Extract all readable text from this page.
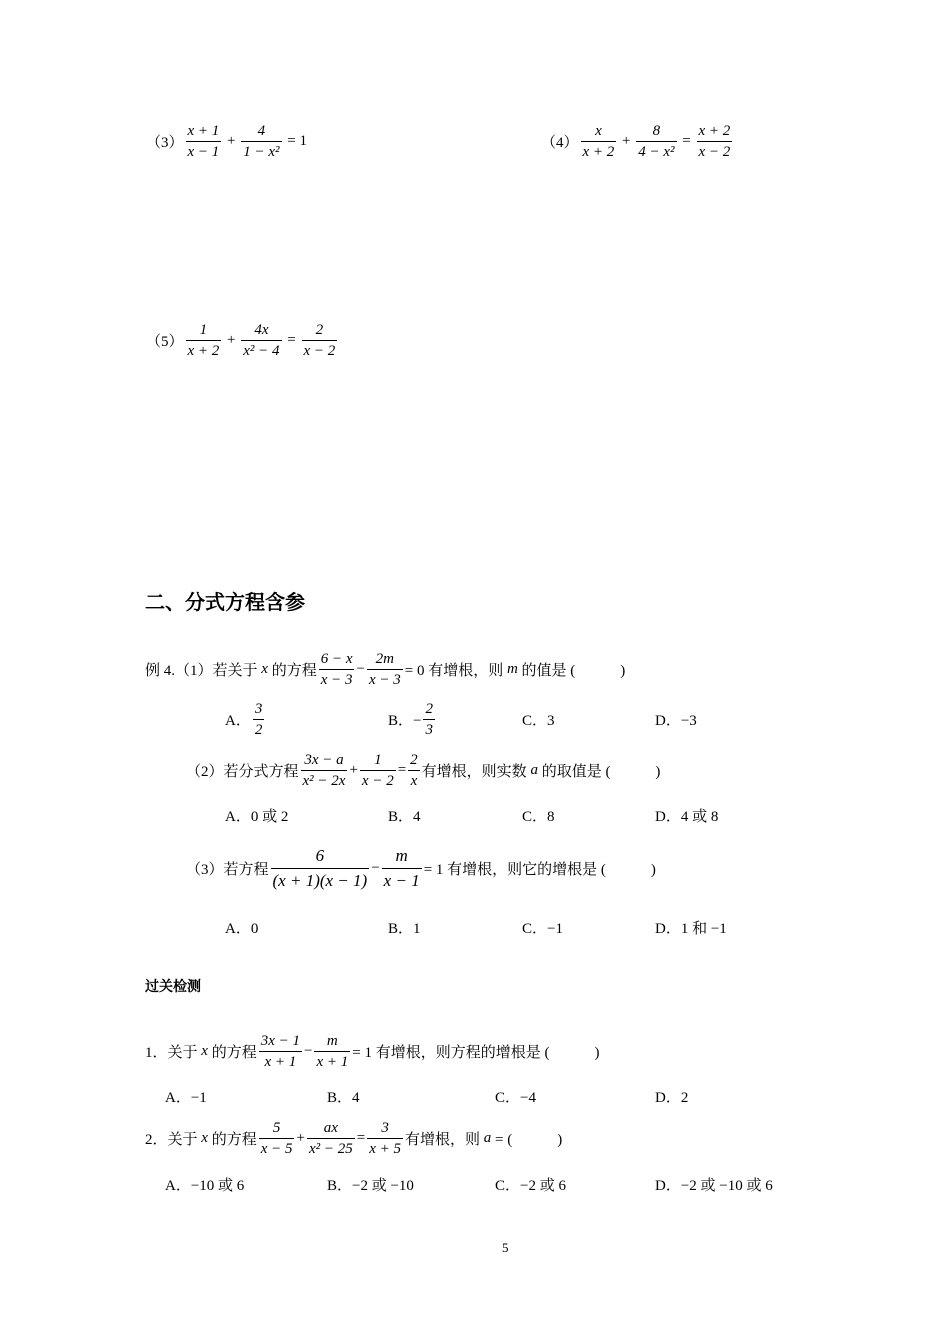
$(3) \frac{x + 1}{x - 1} + \frac{4}{\text{1 − x²}} = 1$	$(4) \frac{x}{x + 2} + \frac{8}{\text{4 − x²}} = \frac{x + 2}{x - 2}$
$(5) \frac{1}{x + 2} + \frac{4x}{\text{x² − 4}} = \frac{2}{x - 2}$
二、分式方程含参
例 4.（1）若关于 x 的方程 $\frac{6 - x}{x - 3} - \frac{2m}{x - 3} = 0$ 有增根，则 m 的值是 (　　　)
A． $\frac{3}{2}$	B．− $\frac{2}{3}$	C．3	D．−3
（2）若分式方程 $\frac{3x - a}{\text{x² − 2x}} + \frac{1}{x - 2} = \frac{2}{x}$ 有增根，则实数 a 的取值是 (　　　)
A．0 或 2	B．4	C．8	D．4 或 8
（3）若方程 $\frac{6}{(x + 1)(x - 1)} - \frac{m}{x - 1} = 1$ 有增根，则它的增根是 (　　　)
A．0	B．1	C．−1	D．1 和 −1
过关检测
1．关于 x 的方程 $\frac{3x - 1}{x + 1} - \frac{m}{x + 1} = 1$ 有增根，则方程的增根是 (　　　)
A．−1	B．4	C．−4	D．2
2．关于 x 的方程 $\frac{5}{x - 5} + \frac{ax}{\text{x² − 25}} = \frac{3}{x + 5}$ 有增根，则 a = (　　　)
A．−10 或 6	B．−2 或 −10	C．−2 或 6	D．−2 或 −10 或 6
5
